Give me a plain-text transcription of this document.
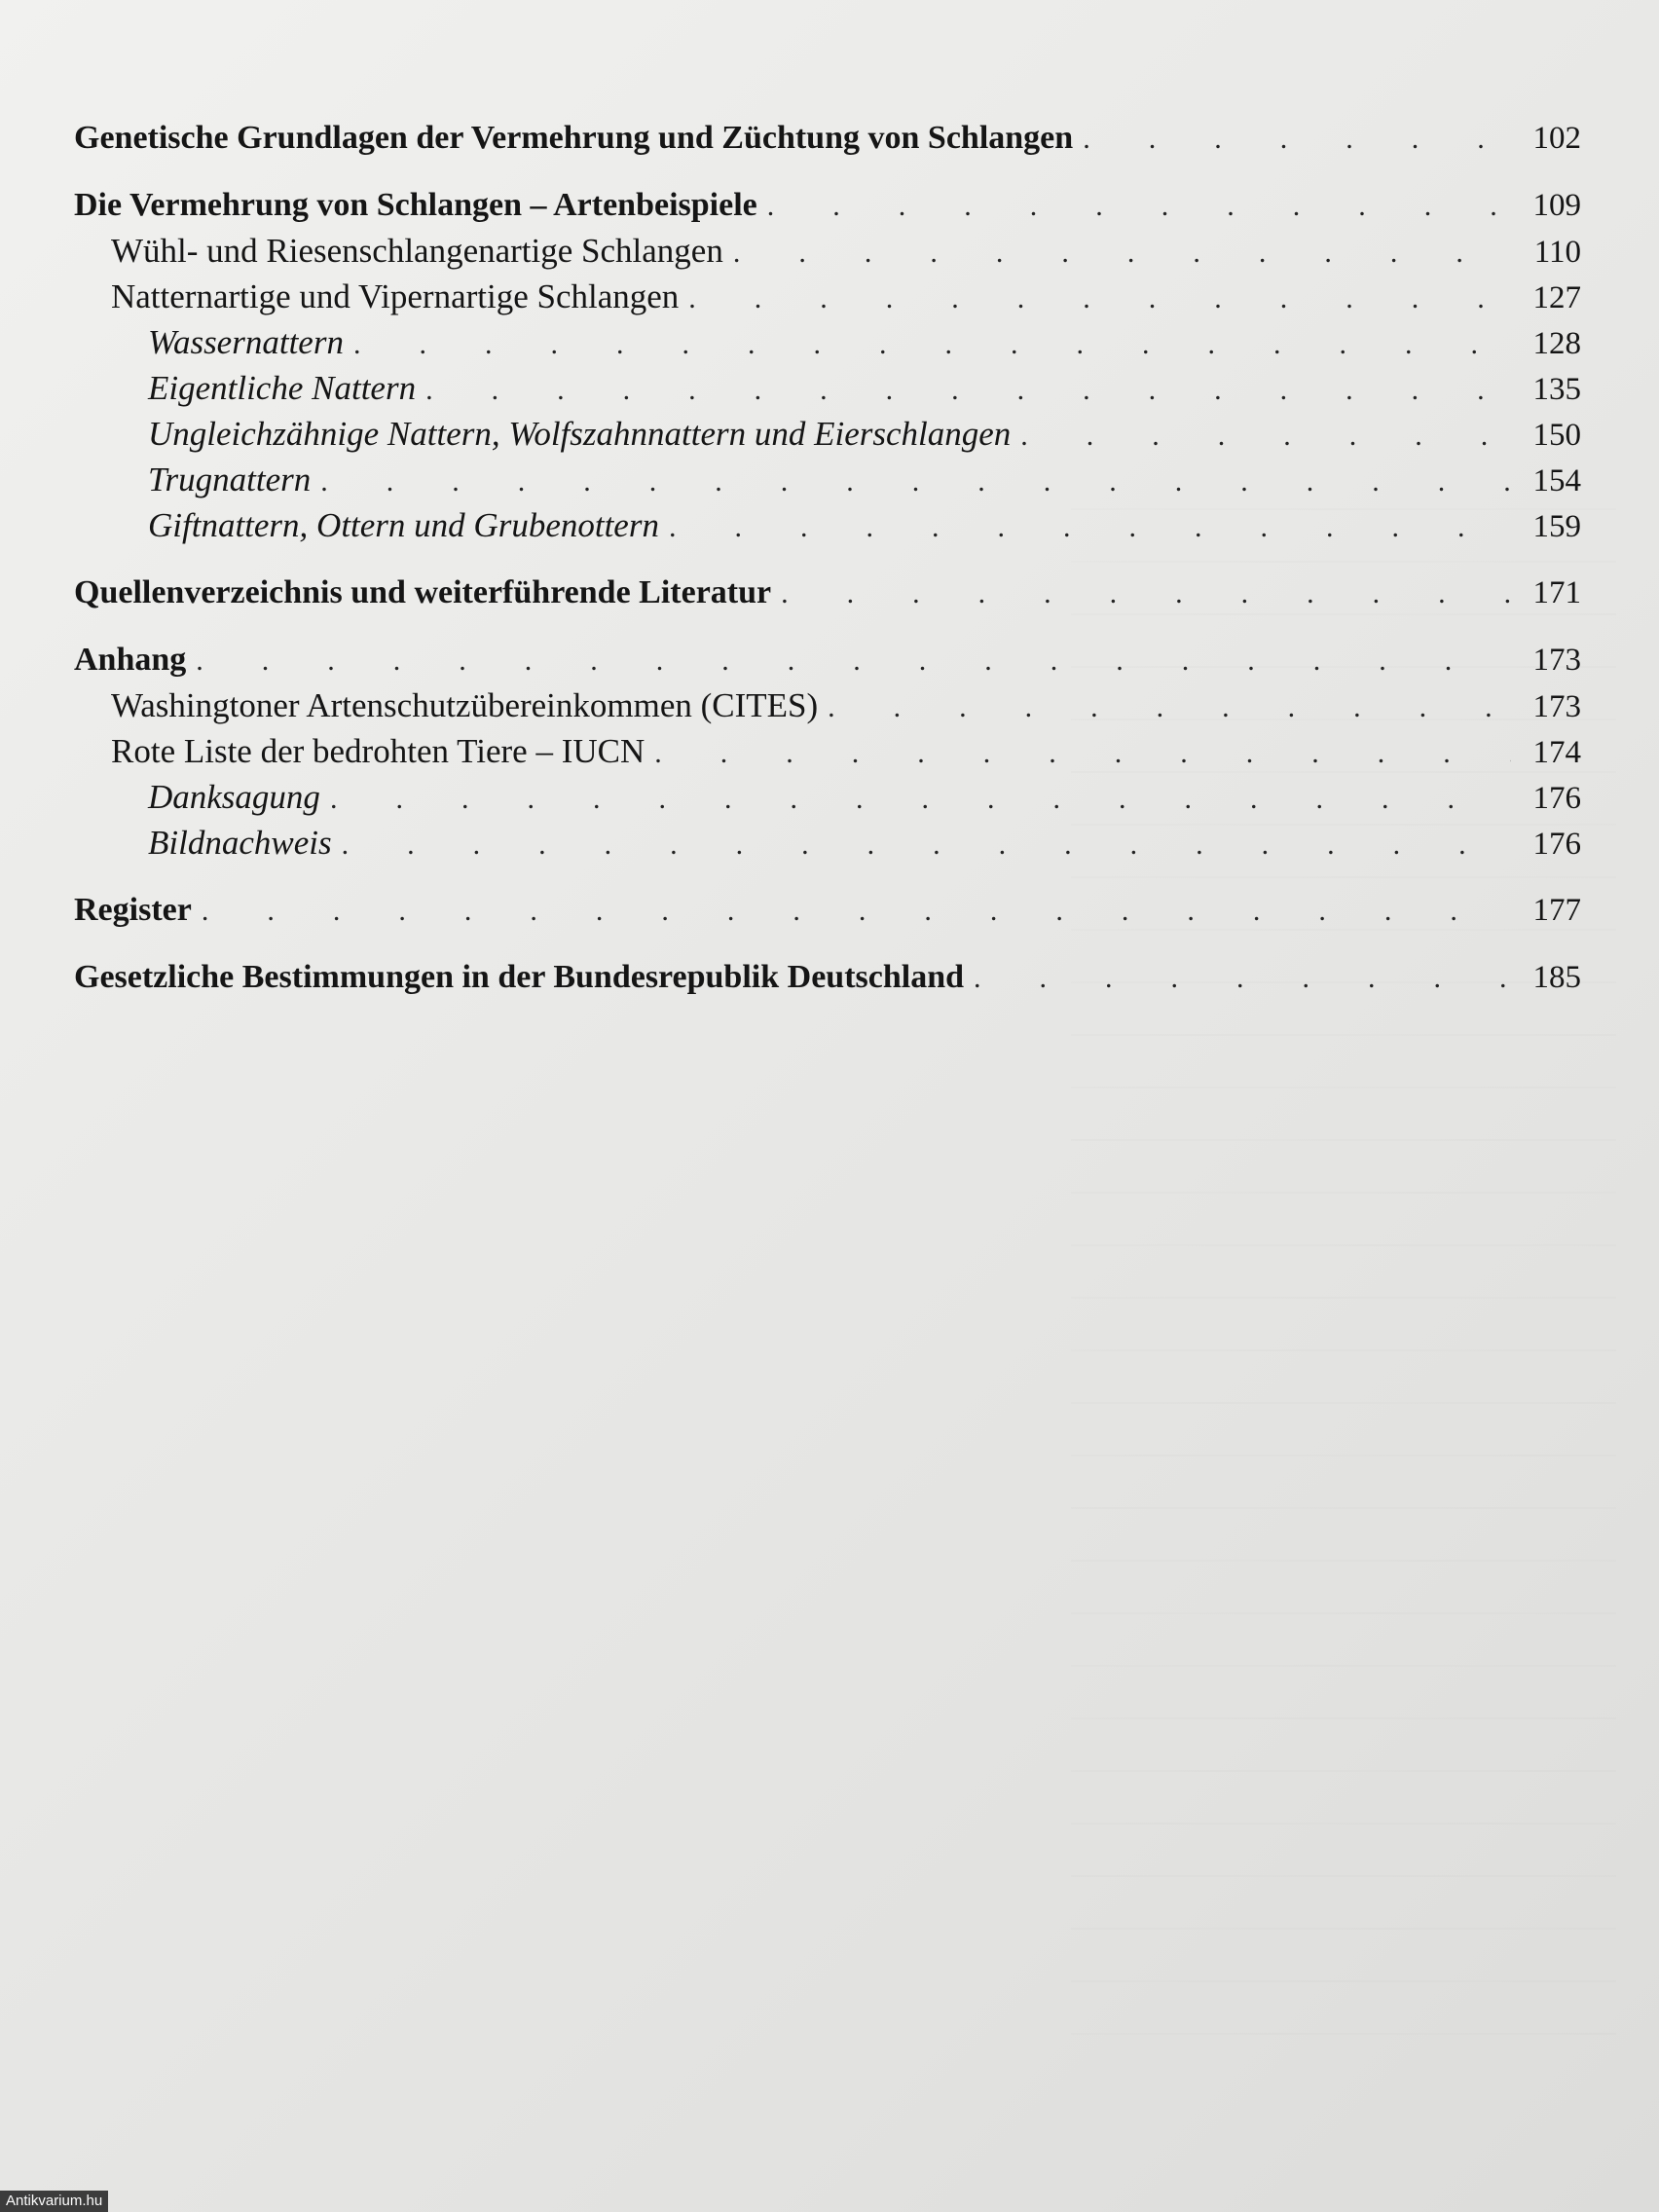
Genetische Grundlagen der Vermehrung und Züchtung von Schlangen .	102
Die Vermehrung von Schlangen – Artenbeispiele .	109
Wühl- und Riesenschlangenartige Schlangen .	110
Natternartige und Vipernartige Schlangen .	127
Wassernattern .	128
Eigentliche Nattern .	135
Ungleichzähnige Nattern, Wolfszahnnattern und Eierschlangen .	150
Trugnattern .	154
Giftnattern, Ottern und Grubenottern .	159
Quellenverzeichnis und weiterführende Literatur .	171
Anhang .	173
Washingtoner Artenschutzübereinkommen (CITES) .	173
Rote Liste der bedrohten Tiere – IUCN .	174
Danksagung .	176
Bildnachweis .	176
Register .	177
Gesetzliche Bestimmungen in der Bundesrepublik Deutschland .	185
Antikvarium.hu
